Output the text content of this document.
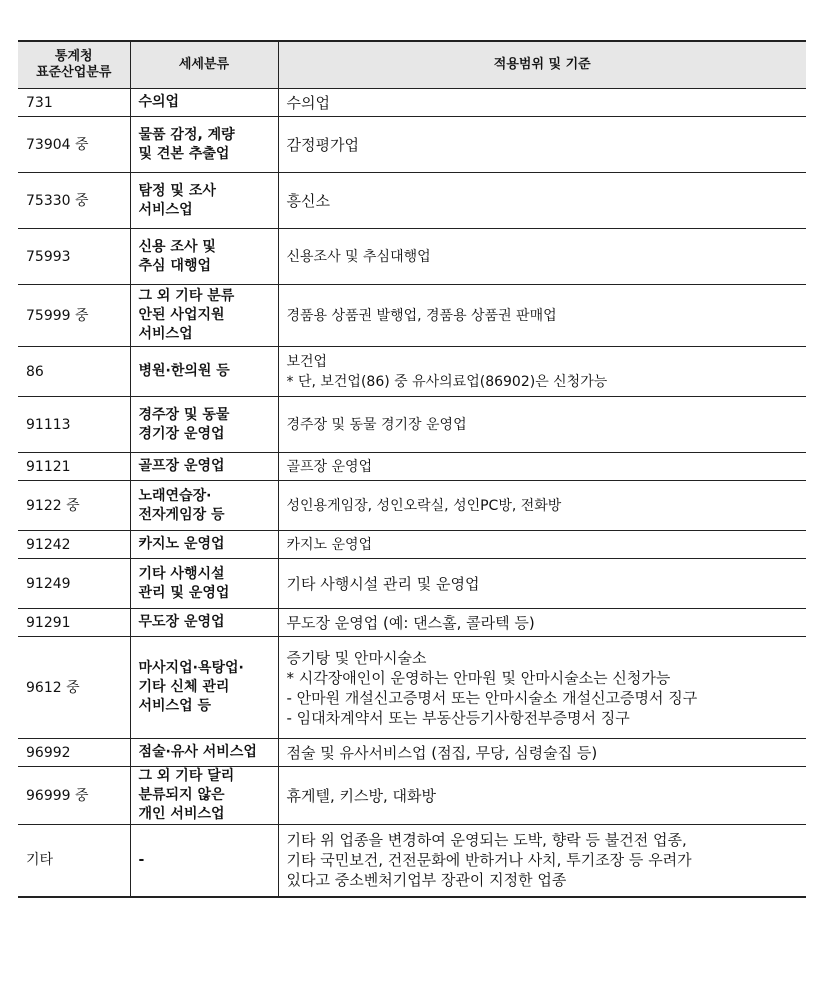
통계청
표준산업분류	세세분류	적용범위 및 기준
731	수의업	수의업

73904 중	물품 감정, 계량
및 견본 추출업	감정평가업

75330 중	탐정 및 조사
서비스업	흥신소

75993	신용 조사 및
추심 대행업	신용조사 및 추심대행업

75999 중	그 외 기타 분류
안된 사업지원
서비스업	경품용 상품권 발행업, 경품용 상품권 판매업

86	병원·한의원 등	보건업
* 단, 보건업(86) 중 유사의료업(86902)은 신청가능

91113	경주장 및 동물
경기장 운영업	경주장 및 동물 경기장 운영업

91121	골프장 운영업	골프장 운영업

9122 중	노래연습장·
전자게임장 등	성인용게임장, 성인오락실, 성인PC방, 전화방

91242	카지노 운영업	카지노 운영업

91249	기타 사행시설
관리 및 운영업	기타 사행시설 관리 및 운영업

91291	무도장 운영업	무도장 운영업 (예: 댄스홀, 콜라텍 등)

9612 중	마사지업·욕탕업·
기타 신체 관리
서비스업 등	증기탕 및 안마시술소
* 시각장애인이 운영하는 안마원 및 안마시술소는 신청가능
- 안마원 개설신고증명서 또는 안마시술소 개설신고증명서 징구
- 임대차계약서 또는 부동산등기사항전부증명서 징구

96992	점술·유사 서비스업	점술 및 유사서비스업 (점집, 무당, 심령술집 등)

96999 중	그 외 기타 달리
분류되지 않은
개인 서비스업	휴게텔, 키스방, 대화방

기타	-	기타 위 업종을 변경하여 운영되는 도박, 향락 등 불건전 업종,
기타 국민보건, 건전문화에 반하거나 사치, 투기조장 등 우려가
있다고 중소벤처기업부 장관이 지정한 업종
